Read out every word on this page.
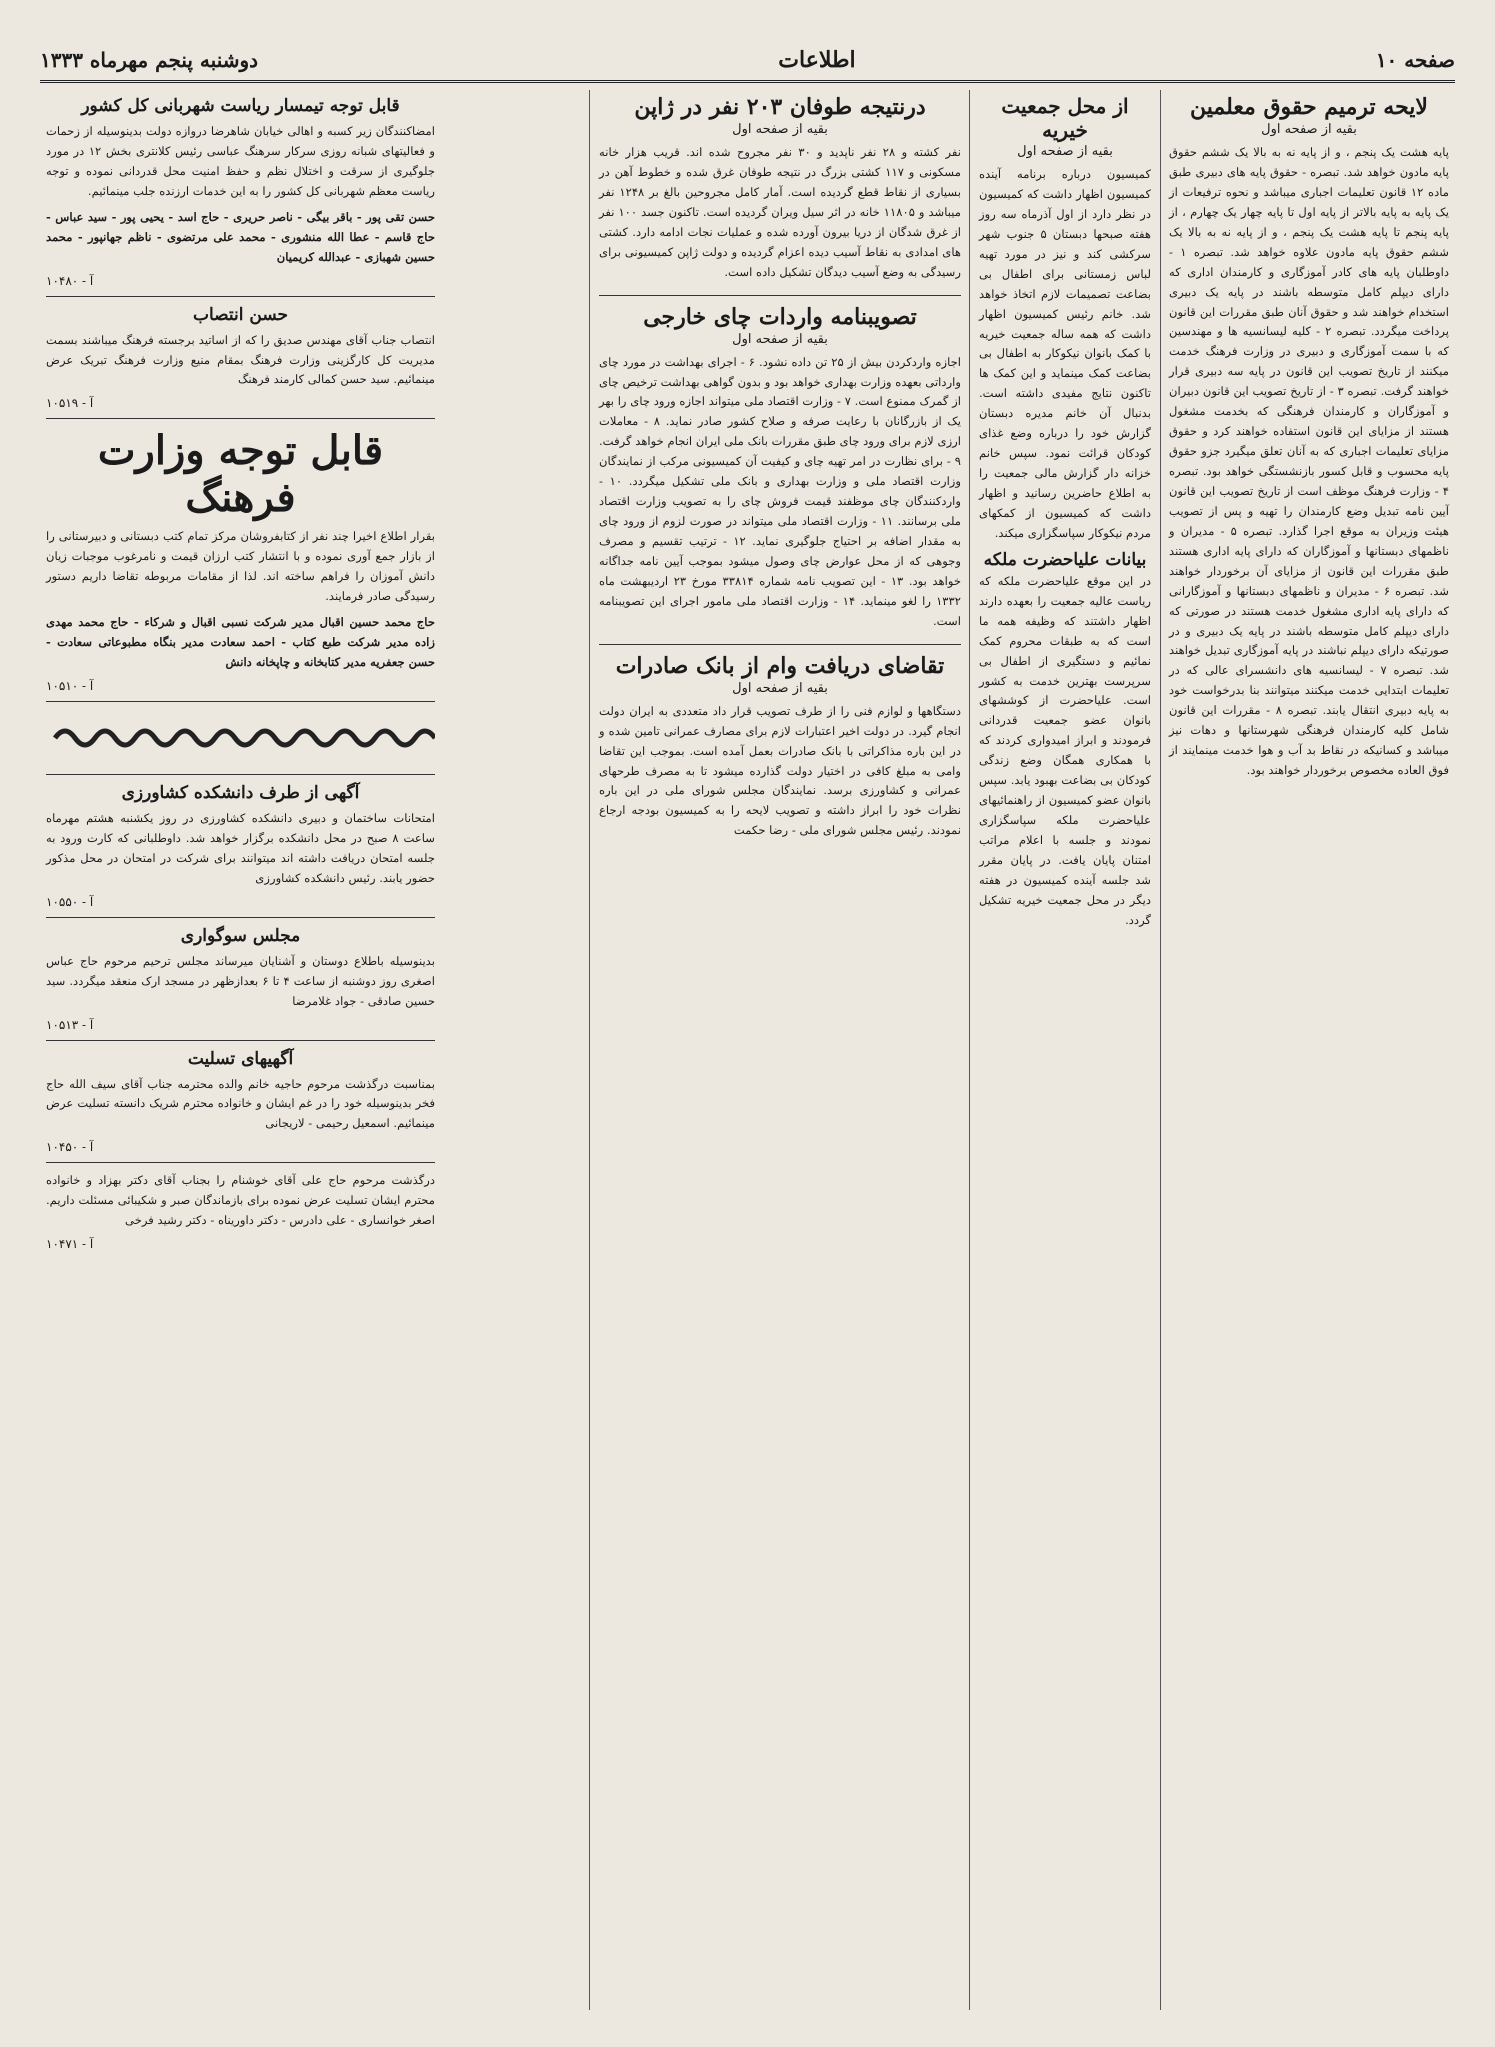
صفحه ۱۰
اطلاعات
دوشنبه پنجم مهرماه ۱۳۳۳
لایحه ترمیم حقوق معلمین
بقیه از صفحه اول
پایه هشت یک پنجم ، و از پایه نه به بالا یک ششم حقوق پایه مادون خواهد شد. تبصره - حقوق پایه های دبیری طبق ماده ۱۲ قانون تعلیمات اجباری میباشد و نحوه ترفیعات از یک پایه به پایه بالاتر از پایه اول تا پایه چهار یک چهارم ، از پایه پنجم تا پایه هشت یک پنجم ، و از پایه نه به بالا یک ششم حقوق پایه مادون علاوه خواهد شد. تبصره ۱ - داوطلبان پایه های کادر آموزگاری و کارمندان اداری که دارای دیپلم کامل متوسطه باشند در پایه یک دبیری استخدام خواهند شد و حقوق آنان طبق مقررات این قانون پرداخت میگردد. تبصره ۲ - کلیه لیسانسیه ها و مهندسین که با سمت آموزگاری و دبیری در وزارت فرهنگ خدمت میکنند از تاریخ تصویب این قانون در پایه سه دبیری قرار خواهند گرفت. تبصره ۳ - از تاریخ تصویب این قانون دبیران و آموزگاران و کارمندان فرهنگی که بخدمت مشغول هستند از مزایای این قانون استفاده خواهند کرد و حقوق مزایای تعلیمات اجباری که به آنان تعلق میگیرد جزو حقوق پایه محسوب و قابل کسور بازنشستگی خواهد بود. تبصره ۴ - وزارت فرهنگ موظف است از تاریخ تصویب این قانون آیین نامه تبدیل وضع کارمندان را تهیه و پس از تصویب هیئت وزیران به موقع اجرا گذارد. تبصره ۵ - مدیران و ناظمهای دبستانها و آموزگاران که دارای پایه اداری هستند طبق مقررات این قانون از مزایای آن برخوردار خواهند شد. تبصره ۶ - مدیران و ناظمهای دبستانها و آموزگارانی که دارای پایه اداری مشغول خدمت هستند در صورتی که دارای دیپلم کامل متوسطه باشند در پایه یک دبیری و در صورتیکه دارای دیپلم نباشند در پایه آموزگاری تبدیل خواهند شد. تبصره ۷ - لیسانسیه های دانشسرای عالی که در تعلیمات ابتدایی خدمت میکنند میتوانند بنا بدرخواست خود به پایه دبیری انتقال یابند. تبصره ۸ - مقررات این قانون شامل کلیه کارمندان فرهنگی شهرستانها و دهات نیز میباشد و کسانیکه در نقاط بد آب و هوا خدمت مینمایند از فوق العاده مخصوص برخوردار خواهند بود.
از محل جمعیت خیریه
بقیه از صفحه اول
کمیسیون درباره برنامه آینده کمیسیون اظهار داشت که کمیسیون در نظر دارد از اول آذرماه سه روز هفته صبحها دبستان ۵ جنوب شهر سرکشی کند و نیز در مورد تهیه لباس زمستانی برای اطفال بی بضاعت تصمیمات لازم اتخاذ خواهد شد. خانم رئیس کمیسیون اظهار داشت که همه ساله جمعیت خیریه با کمک بانوان نیکوکار به اطفال بی بضاعت کمک مینماید و این کمک ها تاکنون نتایج مفیدی داشته است. بدنبال آن خانم مدیره دبستان گزارش خود را درباره وضع غذای کودکان قرائت نمود. سپس خانم خزانه دار گزارش مالی جمعیت را به اطلاع حاضرین رسانید و اظهار داشت که کمیسیون از کمکهای مردم نیکوکار سپاسگزاری میکند.
بیانات علیاحضرت ملکه
در این موقع علیاحضرت ملکه که ریاست عالیه جمعیت را بعهده دارند اظهار داشتند که وظیفه همه ما است که به طبقات محروم کمک نمائیم و دستگیری از اطفال بی سرپرست بهترین خدمت به کشور است. علیاحضرت از کوششهای بانوان عضو جمعیت قدردانی فرمودند و ابراز امیدواری کردند که با همکاری همگان وضع زندگی کودکان بی بضاعت بهبود یابد. سپس بانوان عضو کمیسیون از راهنمائیهای علیاحضرت ملکه سپاسگزاری نمودند و جلسه با اعلام مراتب امتنان پایان یافت. در پایان مقرر شد جلسه آینده کمیسیون در هفته دیگر در محل جمعیت خیریه تشکیل گردد.
درنتیجه طوفان ۲۰۳ نفر در ژاپن
بقیه از صفحه اول
نفر کشته و ۲۸ نفر ناپدید و ۳۰ نفر مجروح شده اند. قریب هزار خانه مسکونی و ۱۱۷ کشتی بزرگ در نتیجه طوفان غرق شده و خطوط آهن در بسیاری از نقاط قطع گردیده است. آمار کامل مجروحین بالغ بر ۱۲۴۸ نفر میباشد و ۱۱۸۰۵ خانه در اثر سیل ویران گردیده است. تاکنون جسد ۱۰۰ نفر از غرق شدگان از دریا بیرون آورده شده و عملیات نجات ادامه دارد. کشتی های امدادی به نقاط آسیب دیده اعزام گردیده و دولت ژاپن کمیسیونی برای رسیدگی به وضع آسیب دیدگان تشکیل داده است.
تصویبنامه واردات چای خارجی
بقیه از صفحه اول
اجازه واردکردن بیش از ۲۵ تن داده نشود. ۶ - اجرای بهداشت در مورد چای وارداتی بعهده وزارت بهداری خواهد بود و بدون گواهی بهداشت ترخیص چای از گمرک ممنوع است. ۷ - وزارت اقتصاد ملی میتواند اجازه ورود چای را بهر یک از بازرگانان با رعایت صرفه و صلاح کشور صادر نماید. ۸ - معاملات ارزی لازم برای ورود چای طبق مقررات بانک ملی ایران انجام خواهد گرفت. ۹ - برای نظارت در امر تهیه چای و کیفیت آن کمیسیونی مرکب از نمایندگان وزارت اقتصاد ملی و وزارت بهداری و بانک ملی تشکیل میگردد. ۱۰ - واردکنندگان چای موظفند قیمت فروش چای را به تصویب وزارت اقتصاد ملی برسانند. ۱۱ - وزارت اقتصاد ملی میتواند در صورت لزوم از ورود چای به مقدار اضافه بر احتیاج جلوگیری نماید. ۱۲ - ترتیب تقسیم و مصرف وجوهی که از محل عوارض چای وصول میشود بموجب آیین نامه جداگانه خواهد بود. ۱۳ - این تصویب نامه شماره ۳۳۸۱۴ مورخ ۲۳ اردیبهشت ماه ۱۳۳۲ را لغو مینماید. ۱۴ - وزارت اقتصاد ملی مامور اجرای این تصویبنامه است.
تقاضای دریافت وام از بانک صادرات
بقیه از صفحه اول
دستگاهها و لوازم فنی را از طرف تصویب قرار داد متعددی به ایران دولت انجام گیرد. در دولت اخیر اعتبارات لازم برای مصارف عمرانی تامین شده و در این باره مذاکراتی با بانک صادرات بعمل آمده است. بموجب این تقاضا وامی به مبلغ کافی در اختیار دولت گذارده میشود تا به مصرف طرحهای عمرانی و کشاورزی برسد. نمایندگان مجلس شورای ملی در این باره نظرات خود را ابراز داشته و تصویب لایحه را به کمیسیون بودجه ارجاع نمودند. رئیس مجلس شورای ملی - رضا حکمت
قابل توجه تیمسار ریاست شهربانی کل کشور
امضاکنندگان زیر کسبه و اهالی خیابان شاهرضا دروازه دولت بدینوسیله از زحمات و فعالیتهای شبانه روزی سرکار سرهنگ عباسی رئیس کلانتری بخش ۱۲ در مورد جلوگیری از سرقت و اختلال نظم و حفظ امنیت محل قدردانی نموده و توجه ریاست معظم شهربانی کل کشور را به این خدمات ارزنده جلب مینمائیم.
حسن تقی پور - باقر بیگی - ناصر حریری - حاج اسد - یحیی پور - سید عباس - حاج قاسم - عطا الله منشوری - محمد علی مرتضوی - ناظم جهانپور - محمد حسین شهبازی - عبدالله کریمیان
آ - ۱۰۴۸۰
حسن انتصاب
انتصاب جناب آقای مهندس صدیق را که از اساتید برجسته فرهنگ میباشند بسمت مدیریت کل کارگزینی وزارت فرهنگ بمقام منیع وزارت فرهنگ تبریک عرض مینمائیم. سید حسن کمالی کارمند فرهنگ
آ - ۱۰۵۱۹
قابل توجه وزارت فرهنگ
بقرار اطلاع اخیرا چند نفر از کتابفروشان مرکز تمام کتب دبستانی و دبیرستانی را از بازار جمع آوری نموده و با انتشار کتب ارزان قیمت و نامرغوب موجبات زیان دانش آموزان را فراهم ساخته اند. لذا از مقامات مربوطه تقاضا داریم دستور رسیدگی صادر فرمایند.
حاج محمد حسین اقبال مدیر شرکت نسبی اقبال و شرکاء - حاج محمد مهدی زاده مدیر شرکت طبع کتاب - احمد سعادت مدیر بنگاه مطبوعاتی سعادت - حسن جعفریه مدیر کتابخانه و چاپخانه دانش
آ - ۱۰۵۱۰
آگهی از طرف دانشکده کشاورزی
امتحانات ساختمان و دبیری دانشکده کشاورزی در روز یکشنبه هشتم مهرماه ساعت ۸ صبح در محل دانشکده برگزار خواهد شد. داوطلبانی که کارت ورود به جلسه امتحان دریافت داشته اند میتوانند برای شرکت در امتحان در محل مذکور حضور یابند. رئیس دانشکده کشاورزی
آ - ۱۰۵۵۰
مجلس سوگواری
بدینوسیله باطلاع دوستان و آشنایان میرساند مجلس ترحیم مرحوم حاج عباس اصغری روز دوشنبه از ساعت ۴ تا ۶ بعدازظهر در مسجد ارک منعقد میگردد. سید حسین صادقی - جواد غلامرضا
آ - ۱۰۵۱۳
آگهیهای تسلیت
بمناسبت درگذشت مرحوم حاجیه خانم والده محترمه جناب آقای سیف الله حاج فخر بدینوسیله خود را در غم ایشان و خانواده محترم شریک دانسته تسلیت عرض مینمائیم. اسمعیل رحیمی - لاریجانی
آ - ۱۰۴۵۰
درگذشت مرحوم حاج علی آقای خوشنام را بجناب آقای دکتر بهزاد و خانواده محترم ایشان تسلیت عرض نموده برای بازماندگان صبر و شکیبائی مسئلت داریم. اصغر خوانساری - علی دادرس - دکتر داوریناه - دکتر رشید فرخی
آ - ۱۰۴۷۱
